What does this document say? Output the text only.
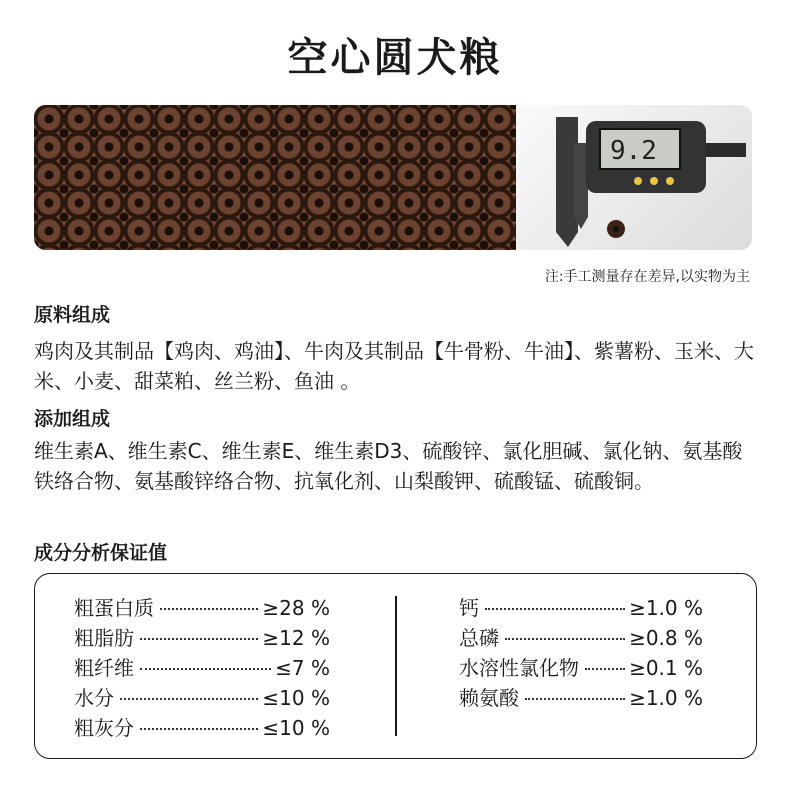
空心圆犬粮
9.2
注:手工测量存在差异,以实物为主
原料组成
鸡肉及其制品【鸡肉、鸡油】、牛肉及其制品【牛骨粉、牛油】、紫薯粉、玉米、大米、小麦、甜菜粕、丝兰粉、鱼油 。
添加组成
维生素A、维生素C、维生素E、维生素D3、硫酸锌、氯化胆碱、氯化钠、氨基酸铁络合物、氨基酸锌络合物、抗氧化剂、山梨酸钾、硫酸锰、硫酸铜。
成分分析保证值
粗蛋白质	≥28 %
粗脂肪	≥12 %
粗纤维	≤7 %
水分	≤10 %
粗灰分	≤10 %
钙	≥1.0 %
总磷	≥0.8 %
水溶性氯化物	≥0.1 %
赖氨酸	≥1.0 %
